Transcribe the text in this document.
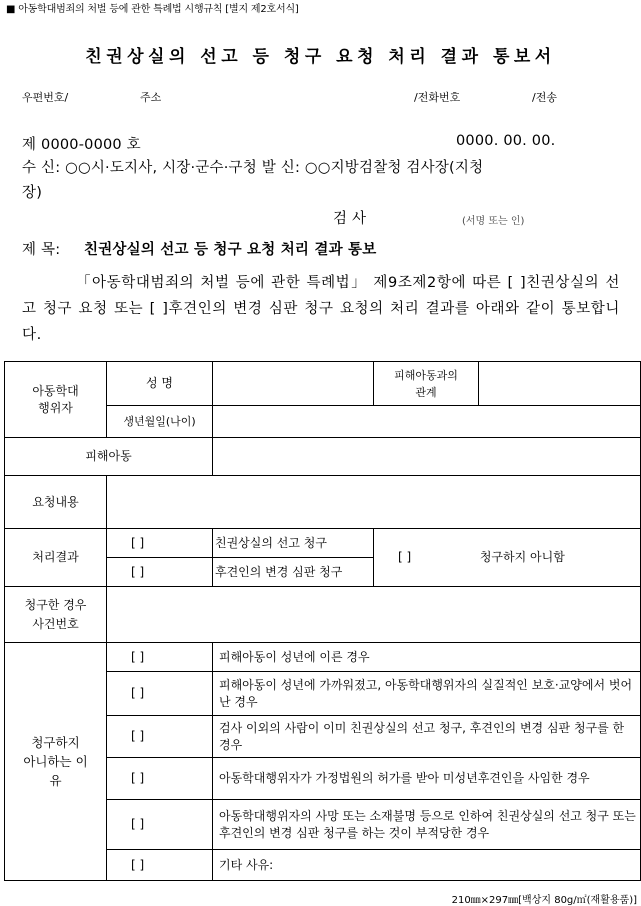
■ 아동학대범죄의 처벌 등에 관한 특례법 시행규칙 [별지 제2호서식]
친권상실의 선고 등 청구 요청 처리 결과 통보서
우편번호/	주소	/전화번호	/전송
제 0000-0000 호	0000. 00. 00.
수 신: ○○시·도지사, 시장·군수·구청 발 신: ○○지방검찰청 검사장(지청
장)
검 사	(서명 또는 인)
제 목: 친권상실의 선고 등 청구 요청 처리 결과 통보
「아동학대범죄의 처벌 등에 관한 특례법」 제9조제2항에 따른 [ ]친권상실의 선고 청구 요청 또는 [ ]후견인의 변경 심판 청구 요청의 처리 결과를 아래와 같이 통보합니다.
아동학대
행위자	성 명		피해아동과의
관계	
	생년월일(나이)			
피해아동				
요청내용				
처리결과	[ ]	친권상실의 선고 청구	[ ] 청구하지 아니함	
	[ ]	후견인의 변경 심판 청구		
청구한 경우
사건번호				
청구하지
아니하는 이
유	[ ]	피해아동이 성년에 이른 경우		
	[ ]	피해아동이 성년에 가까워졌고, 아동학대행위자의 실질적인 보호·교양에서 벗어난 경우		
	[ ]	검사 이외의 사람이 이미 친권상실의 선고 청구, 후견인의 변경 심판 청구를 한 경우		
	[ ]	아동학대행위자가 가정법원의 허가를 받아 미성년후견인을 사임한 경우		
	[ ]	아동학대행위자의 사망 또는 소재불명 등으로 인하여 친권상실의 선고 청구 또는 후견인의 변경 심판 청구를 하는 것이 부적당한 경우		
	[ ]	기타 사유:		
210㎜×297㎜[백상지 80g/㎡(재활용품)]
